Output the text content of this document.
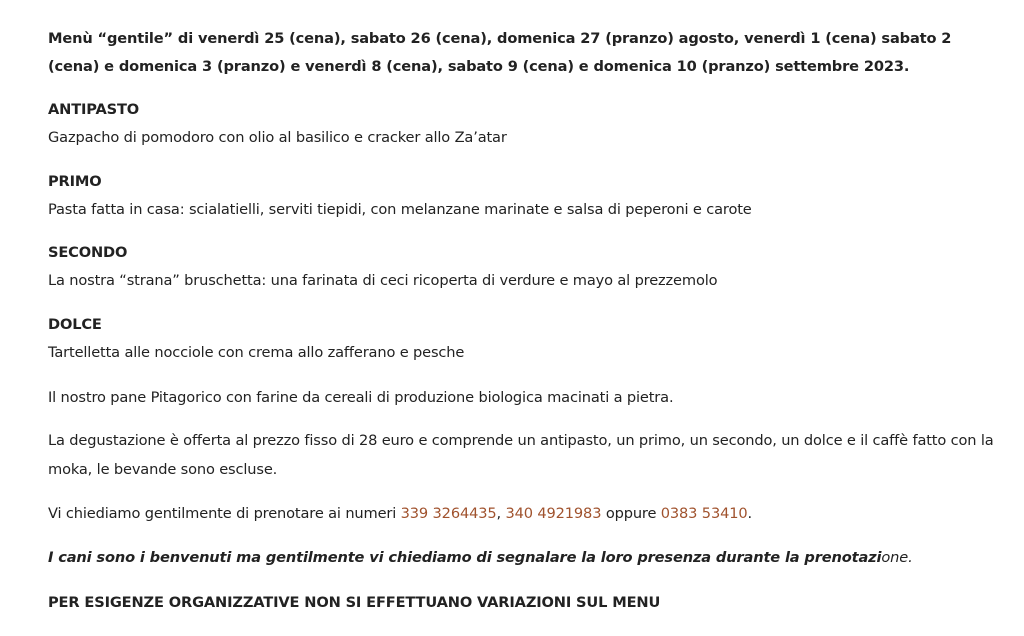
Menù “gentile” di venerdì 25 (cena), sabato 26 (cena), domenica 27 (pranzo) agosto, venerdì 1 (cena) sabato 2 (cena) e domenica 3 (pranzo) e venerdì 8 (cena), sabato 9 (cena) e domenica 10 (pranzo) settembre 2023.
ANTIPASTO
Gazpacho di pomodoro con olio al basilico e cracker allo Za’atar
PRIMO
Pasta fatta in casa: scialatielli, serviti tiepidi, con melanzane marinate e salsa di peperoni e carote
SECONDO
La nostra “strana” bruschetta: una farinata di ceci ricoperta di verdure e mayo al prezzemolo
DOLCE
Tartelletta alle nocciole con crema allo zafferano e pesche
Il nostro pane Pitagorico con farine da cereali di produzione biologica macinati a pietra.
La degustazione è offerta al prezzo fisso di 28 euro e comprende un antipasto, un primo, un secondo, un dolce e il caffè fatto con la moka, le bevande sono escluse.
Vi chiediamo gentilmente di prenotare ai numeri 339 3264435, 340 4921983 oppure 0383 53410.
I cani sono i benvenuti ma gentilmente vi chiediamo di segnalare la loro presenza durante la prenotazione.
PER ESIGENZE ORGANIZZATIVE NON SI EFFETTUANO VARIAZIONI SUL MENU
